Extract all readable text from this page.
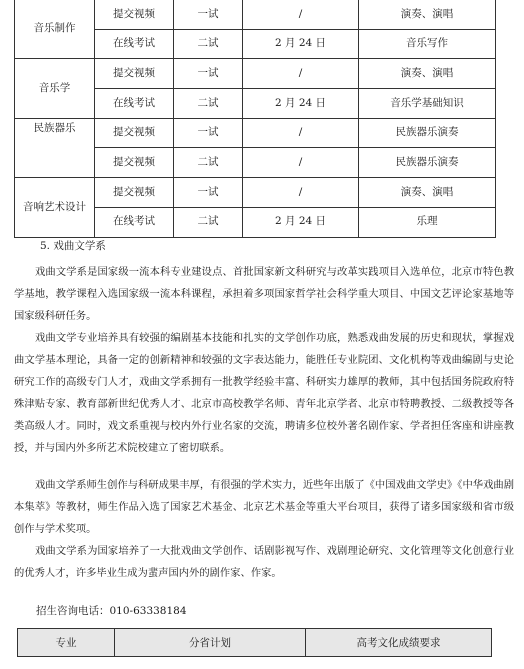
音乐制作	提交视频	一试	/	演奏、演唱
	在线考试	二试	2 月 24 日	音乐写作
音乐学	提交视频	一试	/	演奏、演唱
	在线考试	二试	2 月 24 日	音乐学基础知识
民族器乐	提交视频	一试	/	民族器乐演奏
	提交视频	二试	/	民族器乐演奏
音响艺术设计	提交视频	一试	/	演奏、演唱
	在线考试	二试	2 月 24 日	乐理
5. 戏曲文学系

戏曲文学系是国家级一流本科专业建设点、首批国家新文科研究与改革实践项目入选单位，北京市特色教学基地，教学课程入选国家级一流本科课程，承担着多项国家哲学社会科学重大项目、中国文艺评论家基地等国家级科研任务。

戏曲文学专业培养具有较强的编剧基本技能和扎实的文学创作功底，熟悉戏曲发展的历史和现状，掌握戏曲文学基本理论，具备一定的创新精神和较强的文字表达能力，能胜任专业院团、文化机构等戏曲编剧与史论研究工作的高级专门人才，戏曲文学系拥有一批教学经验丰富、科研实力雄厚的教师，其中包括国务院政府特殊津贴专家、教育部新世纪优秀人才、北京市高校教学名师、青年北京学者、北京市特聘教授、二级教授等各类高级人才。同时，戏文系重视与校内外行业名家的交流，聘请多位校外著名剧作家、学者担任客座和讲座教授，并与国内外多所艺术院校建立了密切联系。

戏曲文学系师生创作与科研成果丰厚，有很强的学术实力，近些年出版了《中国戏曲文学史》《中华戏曲剧本集萃》等教材，师生作品入选了国家艺术基金、北京艺术基金等重大平台项目，获得了诸多国家级和省市级创作与学术奖项。

戏曲文学系为国家培养了一大批戏曲文学创作、话剧影视写作、戏剧理论研究、文化管理等文化创意行业的优秀人才，许多毕业生成为蜚声国内外的剧作家、作家。

招生咨询电话：010-63338184
专业	分省计划	高考文化成绩要求
